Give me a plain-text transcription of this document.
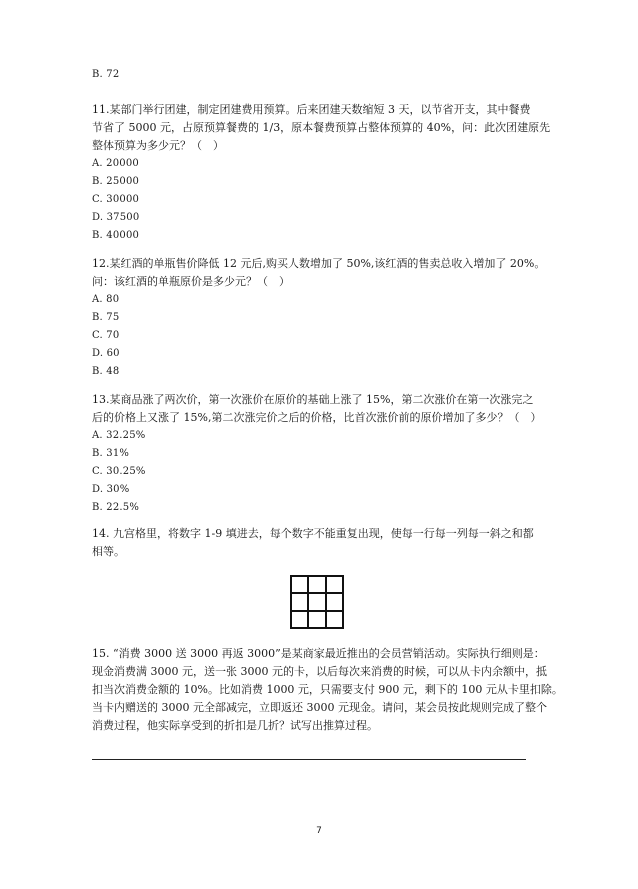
B. 72
11.某部门举行团建，制定团建费用预算。后来团建天数缩短 3 天，以节省开支，其中餐费
节省了 5000 元，占原预算餐费的 1/3，原本餐费预算占整体预算的 40%，问：此次团建原先
整体预算为多少元？（　）
A. 20000
B. 25000
C. 30000
D. 37500
B. 40000
12.某红酒的单瓶售价降低 12 元后,购买人数增加了 50%,该红酒的售卖总收入增加了 20%。
问：该红酒的单瓶原价是多少元？（　）
A. 80
B. 75
C. 70
D. 60
B. 48
13.某商品涨了两次价，第一次涨价在原价的基础上涨了 15%，第二次涨价在第一次涨完之
后的价格上又涨了 15%,第二次涨完价之后的价格，比首次涨价前的原价增加了多少？（　）
A. 32.25%
B. 31%
C. 30.25%
D. 30%
B. 22.5%
14. 九宫格里，将数字 1-9 填进去，每个数字不能重复出现，使每一行每一列每一斜之和都
相等。
15. “消费 3000 送 3000 再返 3000”是某商家最近推出的会员营销活动。实际执行细则是：
现金消费满 3000 元，送一张 3000 元的卡，以后每次来消费的时候，可以从卡内余额中，抵
扣当次消费金额的 10%。比如消费 1000 元，只需要支付 900 元，剩下的 100 元从卡里扣除。
当卡内赠送的 3000 元全部减完，立即返还 3000 元现金。请问，某会员按此规则完成了整个
消费过程，他实际享受到的折扣是几折？试写出推算过程。
7
